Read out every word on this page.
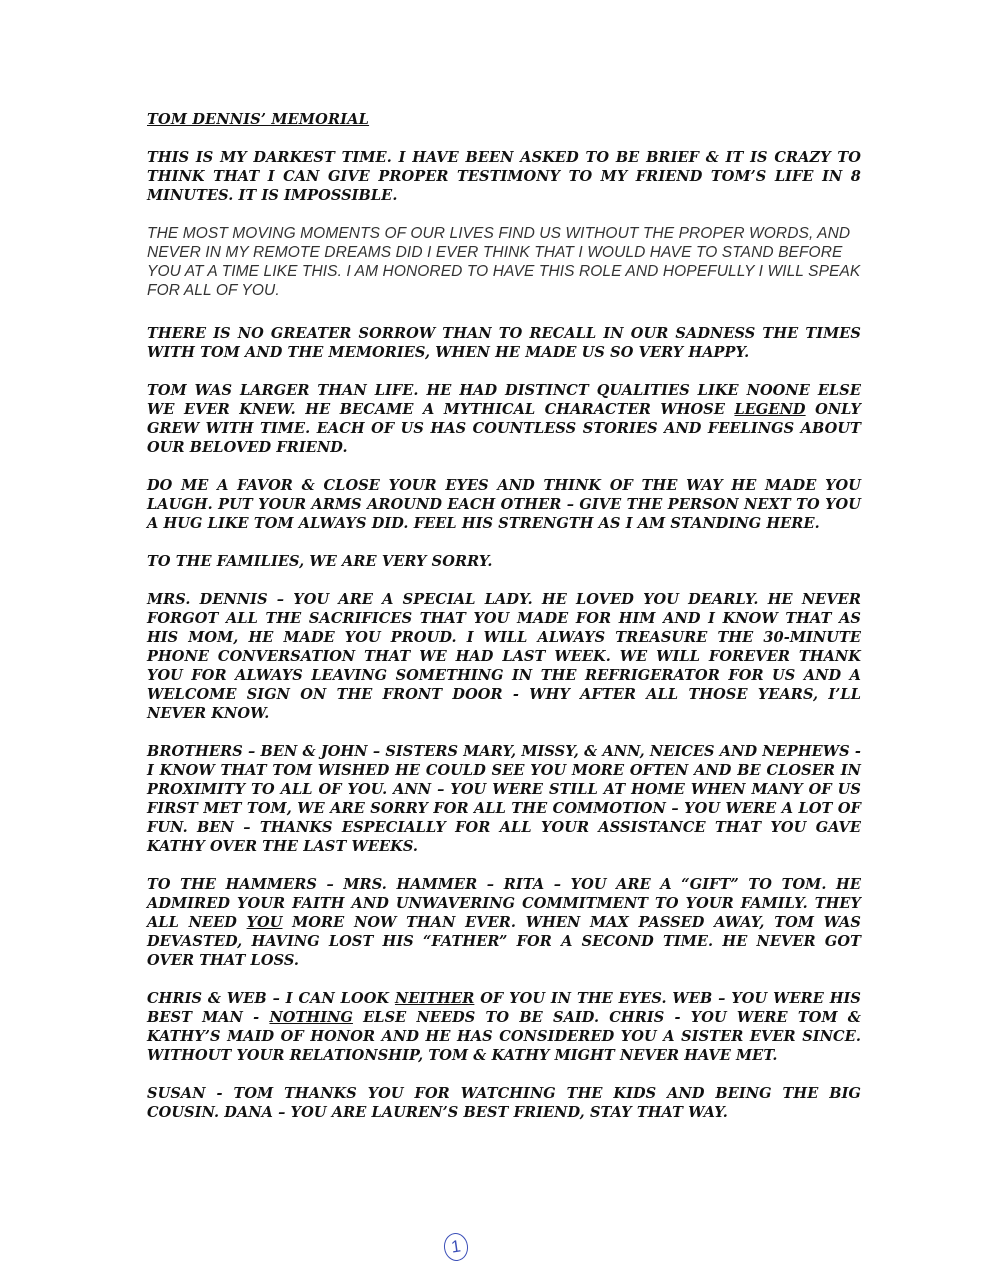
TOM DENNIS’ MEMORIAL

THIS IS MY DARKEST TIME. I HAVE BEEN ASKED TO BE BRIEF & IT IS CRAZY TO THINK THAT I CAN GIVE PROPER TESTIMONY TO MY FRIEND TOM’S LIFE IN 8 MINUTES. IT IS IMPOSSIBLE.

THE MOST MOVING MOMENTS OF OUR LIVES FIND US WITHOUT THE PROPER WORDS, AND NEVER IN MY REMOTE DREAMS DID I EVER THINK THAT I WOULD HAVE TO STAND BEFORE YOU AT A TIME LIKE THIS. I AM HONORED TO HAVE THIS ROLE AND HOPEFULLY I WILL SPEAK FOR ALL OF YOU.

THERE IS NO GREATER SORROW THAN TO RECALL IN OUR SADNESS THE TIMES WITH TOM AND THE MEMORIES, WHEN HE MADE US SO VERY HAPPY.

TOM WAS LARGER THAN LIFE. HE HAD DISTINCT QUALITIES LIKE NOONE ELSE WE EVER KNEW. HE BECAME A MYTHICAL CHARACTER WHOSE LEGEND ONLY GREW WITH TIME. EACH OF US HAS COUNTLESS STORIES AND FEELINGS ABOUT OUR BELOVED FRIEND.

DO ME A FAVOR & CLOSE YOUR EYES AND THINK OF THE WAY HE MADE YOU LAUGH. PUT YOUR ARMS AROUND EACH OTHER – GIVE THE PERSON NEXT TO YOU A HUG LIKE TOM ALWAYS DID. FEEL HIS STRENGTH AS I AM STANDING HERE.

TO THE FAMILIES, WE ARE VERY SORRY.

MRS. DENNIS – YOU ARE A SPECIAL LADY. HE LOVED YOU DEARLY. HE NEVER FORGOT ALL THE SACRIFICES THAT YOU MADE FOR HIM AND I KNOW THAT AS HIS MOM, HE MADE YOU PROUD. I WILL ALWAYS TREASURE THE 30-MINUTE PHONE CONVERSATION THAT WE HAD LAST WEEK. WE WILL FOREVER THANK YOU FOR ALWAYS LEAVING SOMETHING IN THE REFRIGERATOR FOR US AND A WELCOME SIGN ON THE FRONT DOOR - WHY AFTER ALL THOSE YEARS, I’LL NEVER KNOW.

BROTHERS – BEN & JOHN – SISTERS MARY, MISSY, & ANN, NEICES AND NEPHEWS - I KNOW THAT TOM WISHED HE COULD SEE YOU MORE OFTEN AND BE CLOSER IN PROXIMITY TO ALL OF YOU. ANN – YOU WERE STILL AT HOME WHEN MANY OF US FIRST MET TOM, WE ARE SORRY FOR ALL THE COMMOTION – YOU WERE A LOT OF FUN. BEN – THANKS ESPECIALLY FOR ALL YOUR ASSISTANCE THAT YOU GAVE KATHY OVER THE LAST WEEKS.

TO THE HAMMERS – MRS. HAMMER – RITA – YOU ARE A “GIFT” TO TOM. HE ADMIRED YOUR FAITH AND UNWAVERING COMMITMENT TO YOUR FAMILY. THEY ALL NEED YOU MORE NOW THAN EVER. WHEN MAX PASSED AWAY, TOM WAS DEVASTED, HAVING LOST HIS “FATHER” FOR A SECOND TIME. HE NEVER GOT OVER THAT LOSS.

CHRIS & WEB – I CAN LOOK NEITHER OF YOU IN THE EYES. WEB – YOU WERE HIS BEST MAN - NOTHING ELSE NEEDS TO BE SAID. CHRIS - YOU WERE TOM & KATHY’S MAID OF HONOR AND HE HAS CONSIDERED YOU A SISTER EVER SINCE. WITHOUT YOUR RELATIONSHIP, TOM & KATHY MIGHT NEVER HAVE MET.

SUSAN - TOM THANKS YOU FOR WATCHING THE KIDS AND BEING THE BIG COUSIN. DANA – YOU ARE LAUREN’S BEST FRIEND, STAY THAT WAY.

1
